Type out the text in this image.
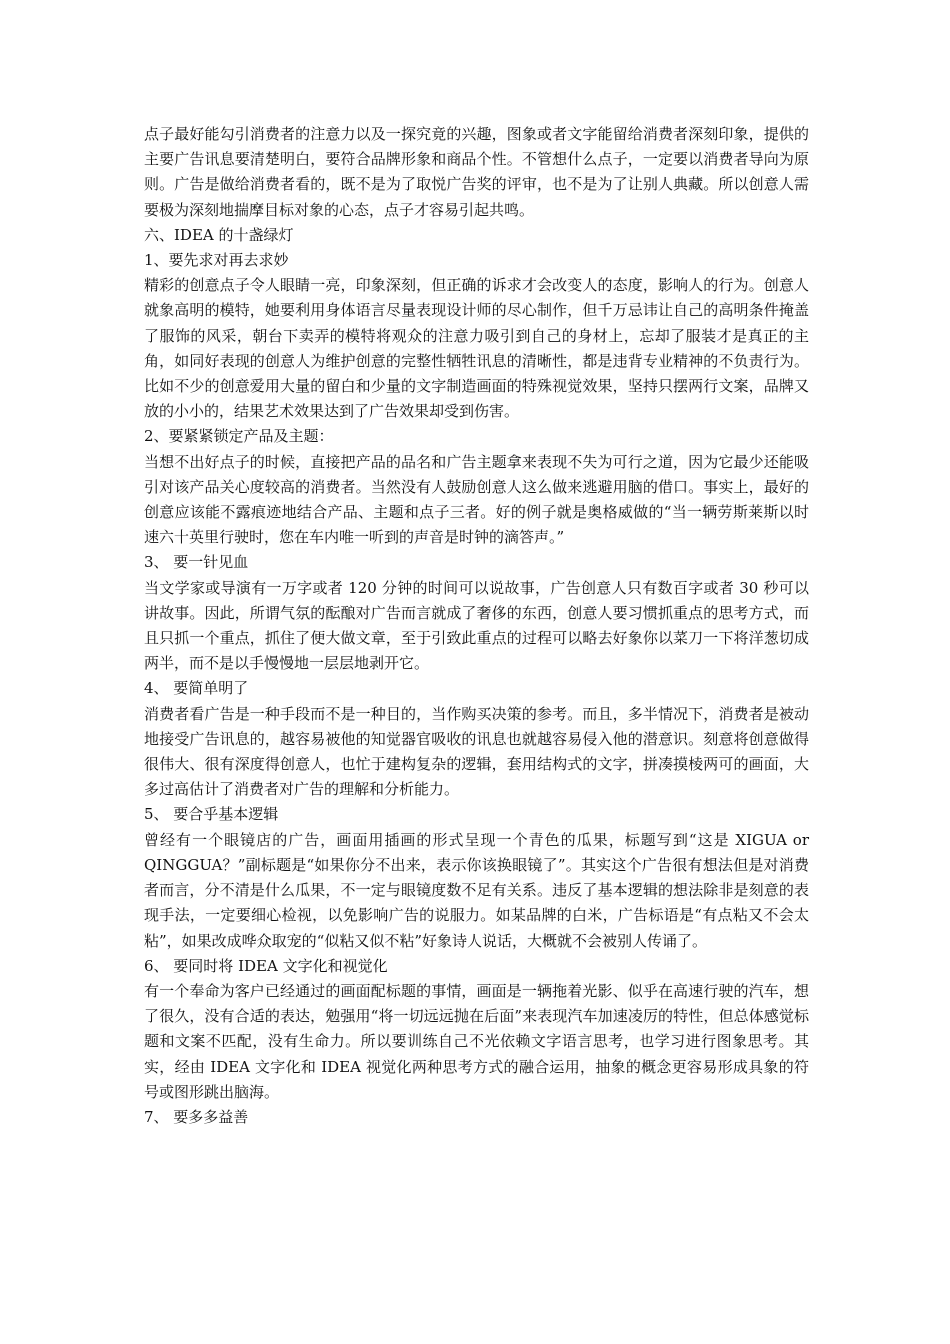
点子最好能勾引消费者的注意力以及一探究竟的兴趣，图象或者文字能留给消费者深刻印象，提供的主要广告讯息要清楚明白，要符合品牌形象和商品个性。不管想什么点子，一定要以消费者导向为原则。广告是做给消费者看的，既不是为了取悦广告奖的评审，也不是为了让别人典藏。所以创意人需要极为深刻地揣摩目标对象的心态，点子才容易引起共鸣。

六、IDEA 的十盏绿灯

1、要先求对再去求妙

精彩的创意点子令人眼睛一亮，印象深刻，但正确的诉求才会改变人的态度，影响人的行为。创意人就象高明的模特，她要利用身体语言尽量表现设计师的尽心制作，但千万忌讳让自己的高明条件掩盖了服饰的风采，朝台下卖弄的模特将观众的注意力吸引到自己的身材上，忘却了服装才是真正的主角，如同好表现的创意人为维护创意的完整性牺牲讯息的清晰性，都是违背专业精神的不负责行为。比如不少的创意爱用大量的留白和少量的文字制造画面的特殊视觉效果，坚持只摆两行文案，品牌又放的小小的，结果艺术效果达到了广告效果却受到伤害。

2、要紧紧锁定产品及主题：

当想不出好点子的时候，直接把产品的品名和广告主题拿来表现不失为可行之道，因为它最少还能吸引对该产品关心度较高的消费者。当然没有人鼓励创意人这么做来逃避用脑的借口。事实上，最好的创意应该能不露痕迹地结合产品、主题和点子三者。好的例子就是奥格威做的“当一辆劳斯莱斯以时速六十英里行驶时，您在车内唯一听到的声音是时钟的滴答声。”

3、 要一针见血

当文学家或导演有一万字或者 120 分钟的时间可以说故事，广告创意人只有数百字或者 30 秒可以讲故事。因此，所谓气氛的酝酿对广告而言就成了奢侈的东西，创意人要习惯抓重点的思考方式，而且只抓一个重点，抓住了便大做文章，至于引致此重点的过程可以略去好象你以菜刀一下将洋葱切成两半，而不是以手慢慢地一层层地剥开它。

4、 要简单明了

消费者看广告是一种手段而不是一种目的，当作购买决策的参考。而且，多半情况下，消费者是被动地接受广告讯息的，越容易被他的知觉器官吸收的讯息也就越容易侵入他的潜意识。刻意将创意做得很伟大、很有深度得创意人，也忙于建构复杂的逻辑，套用结构式的文字，拼凑摸棱两可的画面，大多过高估计了消费者对广告的理解和分析能力。

5、 要合乎基本逻辑

曾经有一个眼镜店的广告，画面用插画的形式呈现一个青色的瓜果，标题写到“这是 XIGUA or QINGGUA？”副标题是“如果你分不出来，表示你该换眼镜了”。其实这个广告很有想法但是对消费者而言，分不清是什么瓜果，不一定与眼镜度数不足有关系。违反了基本逻辑的想法除非是刻意的表现手法，一定要细心检视，以免影响广告的说服力。如某品牌的白米，广告标语是“有点粘又不会太粘”，如果改成哗众取宠的“似粘又似不粘”好象诗人说话，大概就不会被别人传诵了。

6、 要同时将 IDEA 文字化和视觉化

有一个奉命为客户已经通过的画面配标题的事情，画面是一辆拖着光影、似乎在高速行驶的汽车，想了很久，没有合适的表达，勉强用“将一切远远抛在后面”来表现汽车加速凌厉的特性，但总体感觉标题和文案不匹配，没有生命力。所以要训练自己不光依赖文字语言思考，也学习进行图象思考。其实，经由 IDEA 文字化和 IDEA 视觉化两种思考方式的融合运用，抽象的概念更容易形成具象的符号或图形跳出脑海。

7、 要多多益善
